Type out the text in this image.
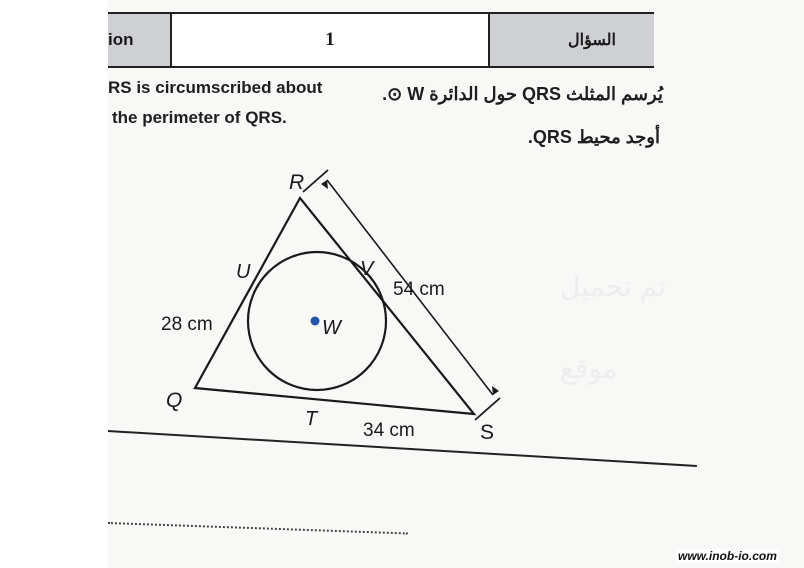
تم تحميل
موقع
ion	1	السؤال
RS is circumscribed about
the perimeter of QRS.
يُرسم المثلث QRS حول الدائرة W ⊙.
أوجد محيط QRS.
R
Q
S
U	V
T
W
28 cm
54 cm
34 cm
www.inob-io.com
